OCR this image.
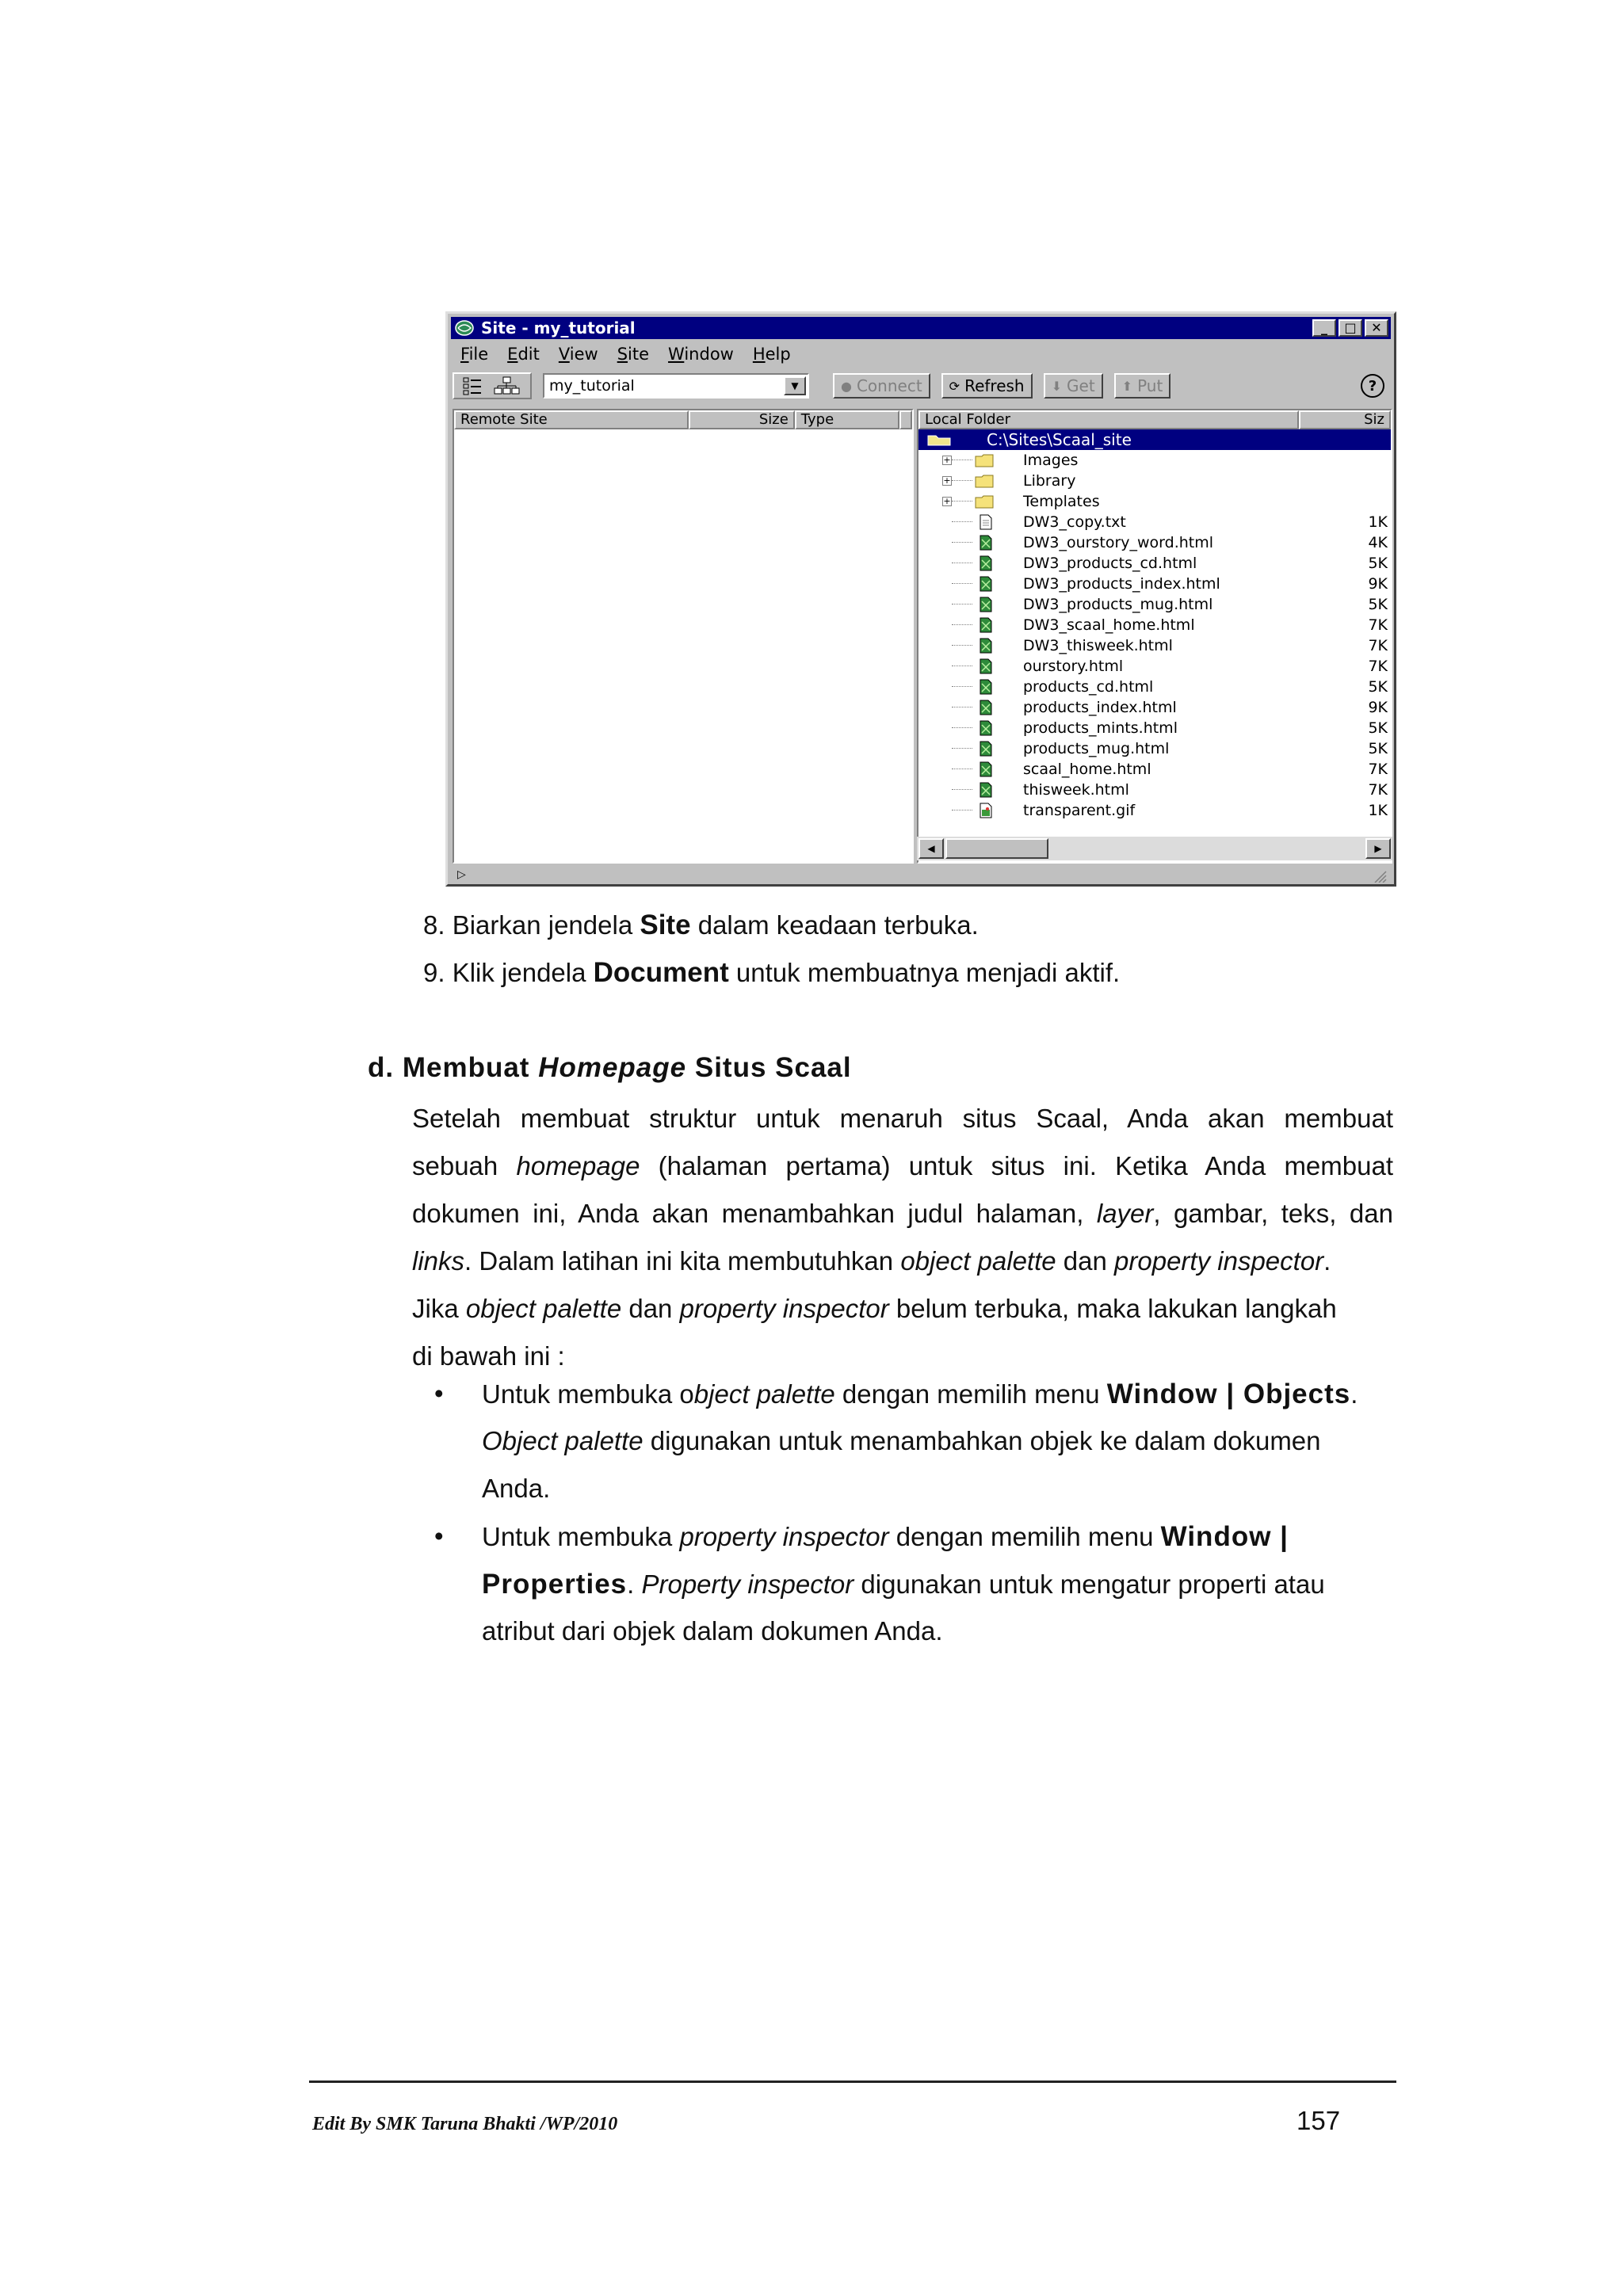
Site - my_tutorial	_	□	✕
File Edit View Site Window Help
my_tutorial	▼	● Connect ⟳ Refresh ⬇ Get ⬆ Put	?
Remote Site	Size Type	Local Folder	Siz
C:\Sites\Scaal_site
+	Images
+	Library
+	Templates
DW3_copy.txt	1K
DW3_ourstory_word.html	4K
DW3_products_cd.html	5K
DW3_products_index.html	9K
DW3_products_mug.html	5K
DW3_scaal_home.html	7K
DW3_thisweek.html	7K
ourstory.html	7K
products_cd.html	5K
products_index.html	9K
products_mints.html	5K
products_mug.html	5K
scaal_home.html	7K
thisweek.html	7K
transparent.gif	1K
◀	▶
▷
8. Biarkan jendela Site dalam keadaan terbuka.
9. Klik jendela Document untuk membuatnya menjadi aktif.
d. Membuat Homepage Situs Scaal
Setelah membuat struktur untuk menaruh situs Scaal, Anda akan membuat
sebuah homepage (halaman pertama) untuk situs ini. Ketika Anda membuat
dokumen ini, Anda akan menambahkan judul halaman, layer, gambar, teks, dan
links. Dalam latihan ini kita membutuhkan object palette dan property inspector.
Jika object palette dan property inspector belum terbuka, maka lakukan langkah
di bawah ini :
• Untuk membuka object palette dengan memilih menu Window | Objects.
Object palette digunakan untuk menambahkan objek ke dalam dokumen
Anda.
• Untuk membuka property inspector dengan memilih menu Window |
Properties. Property inspector digunakan untuk mengatur properti atau
atribut dari objek dalam dokumen Anda.
Edit By SMK Taruna Bhakti /WP/2010	157
